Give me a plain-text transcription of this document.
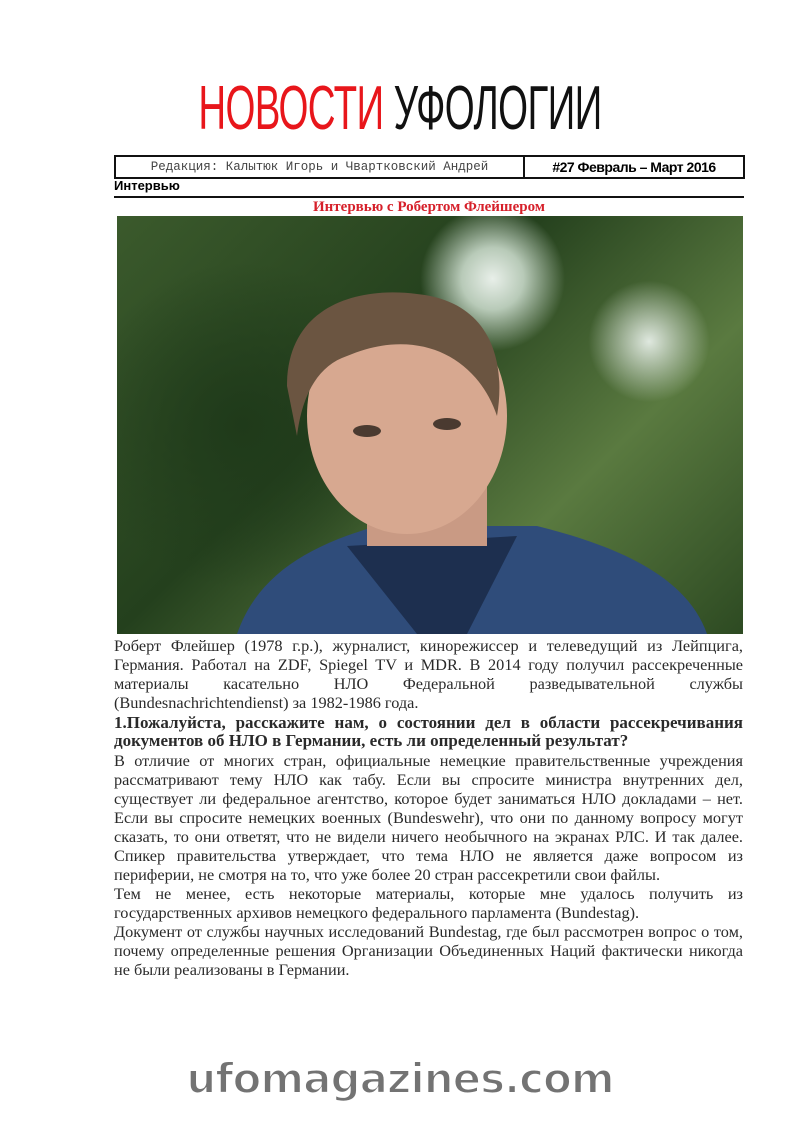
НОВОСТИ УФОЛОГИИ
Редакция: Калытюк Игорь и Чвартковский Андрей	#27 Февраль – Март 2016
Интервью
Интервью с Робертом Флейшером

Роберт Флейшер (1978 г.р.), журналист, кинорежиссер и телеведущий из Лейпцига, Германия. Работал на ZDF, Spiegel TV и MDR. В 2014 году получил рассекреченные материалы касательно НЛО Федеральной разведывательной службы (Bundesnachrichtendienst) за 1982-1986 года.

1.Пожалуйста, расскажите нам, о состоянии дел в области рассекречивания документов об НЛО в Германии, есть ли определенный результат?

В отличие от многих стран, официальные немецкие правительственные учреждения рассматривают тему НЛО как табу. Если вы спросите министра внутренних дел, существует ли федеральное агентство, которое будет заниматься НЛО докладами – нет. Если вы спросите немецких военных (Bundeswehr), что они по данному вопросу могут сказать, то они ответят, что не видели ничего необычного на экранах РЛС. И так далее. Спикер правительства утверждает, что тема НЛО не является даже вопросом из периферии, не смотря на то, что уже более 20 стран рассекретили свои файлы.

Тем не менее, есть некоторые материалы, которые мне удалось получить из государственных архивов немецкого федерального парламента (Bundestag).

Документ от службы научных исследований Bundestag, где был рассмотрен вопрос о том, почему определенные решения Организации Объединенных Наций фактически никогда не были реализованы в Германии.

ufomagazines.com
